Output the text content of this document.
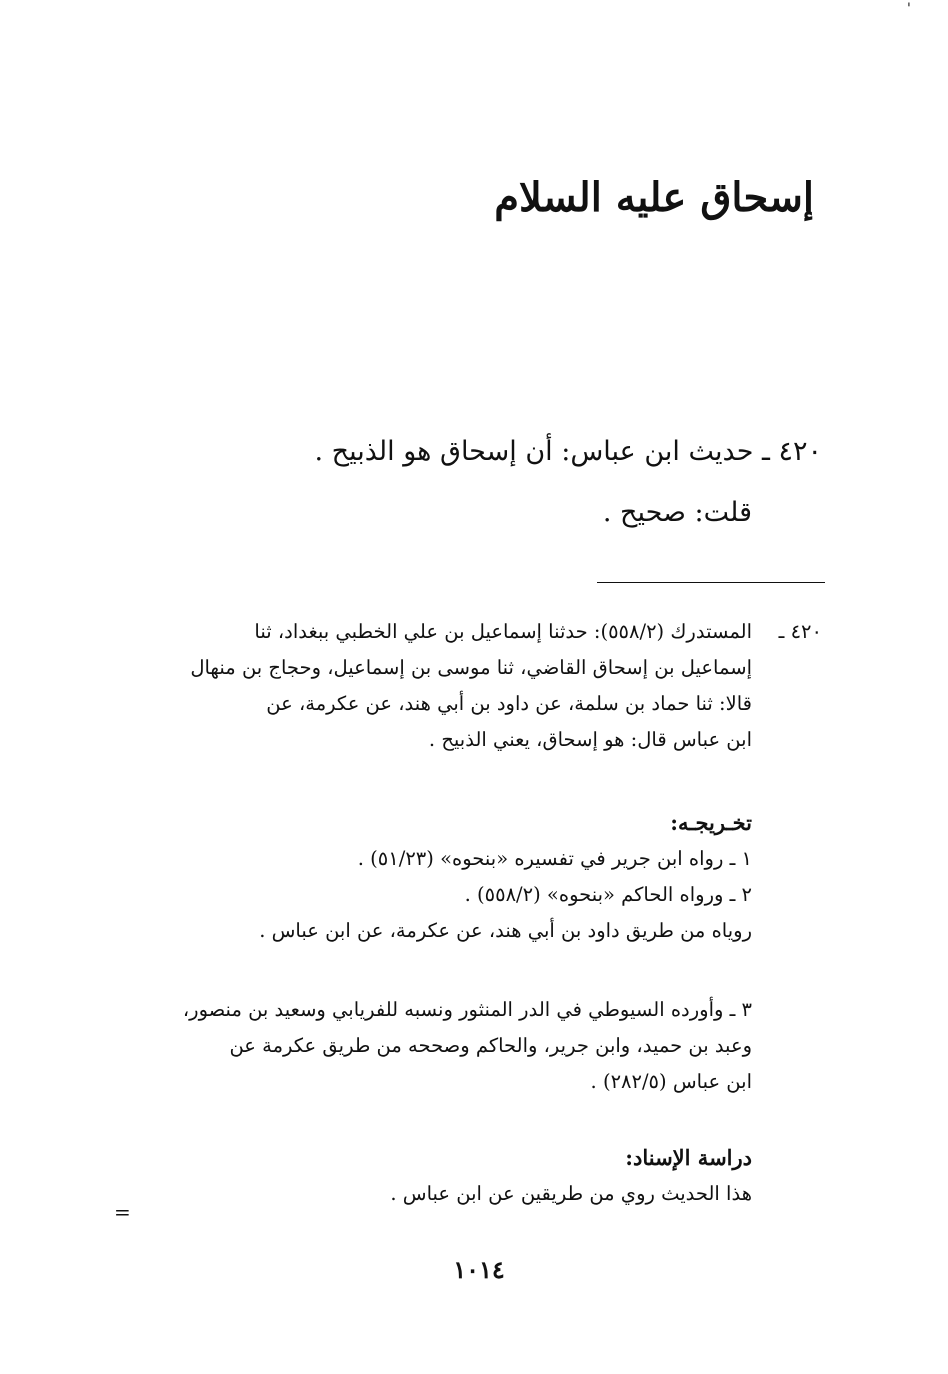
'
إسحاق عليه السلام
٤٢٠ ـ حديث ابن عباس: أن إسحاق هو الذبيح .
قلت: صحيح .
٤٢٠ ـ

المستدرك (٥٥٨/٢): حدثنا إسماعيل بن علي الخطبي ببغداد، ثنا

إسماعيل بن إسحاق القاضي، ثنا موسى بن إسماعيل، وحجاج بن منهال

قالا: ثنا حماد بن سلمة، عن داود بن أبي هند، عن عكرمة، عن

ابن عباس قال: هو إسحاق، يعني الذبيح .

تخـريجـه:

١ ـ رواه ابن جرير في تفسيره «بنحوه» (٥١/٢٣) .

٢ ـ ورواه الحاكم «بنحوه» (٥٥٨/٢) .

روياه من طريق داود بن أبي هند، عن عكرمة، عن ابن عباس .

٣ ـ وأورده السيوطي في الدر المنثور ونسبه للفريابي وسعيد بن منصور،

وعبد بن حميد، وابن جرير، والحاكم وصححه من طريق عكرمة عن

ابن عباس (٢٨٢/٥) .

دراسة الإسناد:

هذا الحديث روي من طريقين عن ابن عباس .

=
١٠١٤
